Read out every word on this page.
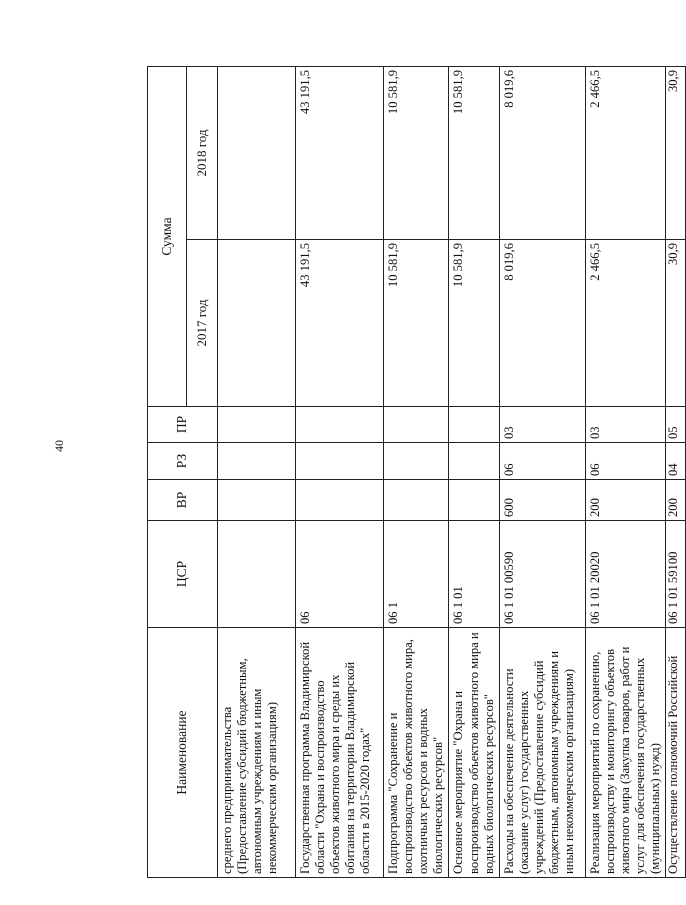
40
Наименование	ЦСР	ВР	РЗ	ПР	Сумма	
					2017 год	2018 год
среднего предпринимательства (Предоставление субсидий бюджетным, автономным учреждениям и иным некоммерческим организациям)						
Государственная программа Владимирской области "Охрана и воспроизводство объектов животного мира и среды их обитания на территории Владимирской области в 2015-2020 годах"	06				43 191,5	43 191,5
Подпрограмма "Сохранение и воспроизводство объектов животного мира, охотничьих ресурсов и водных биологических ресурсов"	06 1				10 581,9	10 581,9
Основное мероприятие "Охрана и воспроизводство объектов животного мира и водных биологических ресурсов"	06 1 01				10 581,9	10 581,9
Расходы на обеспечение деятельности (оказание услуг) государственных учреждений (Предоставление субсидий бюджетным, автономным учреждениям и иным некоммерческим организациям)	06 1 01 00590	600	06	03	8 019,6	8 019,6
Реализация мероприятий по сохранению, воспроизводству и мониторингу объектов животного мира (Закупка товаров, работ и услуг для обеспечения государственных (муниципальных) нужд)	06 1 01 20020	200	06	03	2 466,5	2 466,5
Осуществление полномочий Российской	06 1 01 59100	200	04	05	30,9	30,9
